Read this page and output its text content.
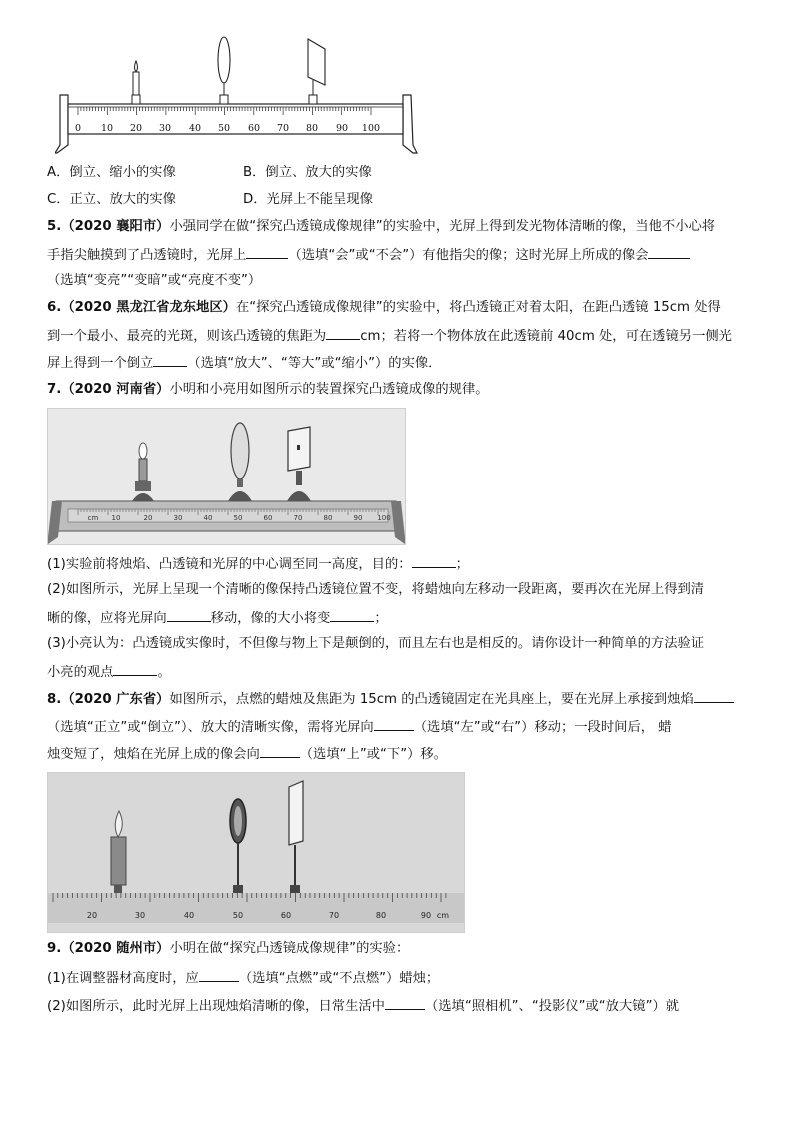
0 10 20 30 40 50 60 70 80 90 100
A．倒立、缩小的实像	B．倒立、放大的实像
C．正立、放大的实像	D．光屏上不能呈现像
5.（2020 襄阳市）小强同学在做“探究凸透镜成像规律”的实验中，光屏上得到发光物体清晰的像，当他不小心将
手指尖触摸到了凸透镜时，光屏上	（选填“会”或“不会”）有他指尖的像；这时光屏上所成的像会
（选填“变亮”“变暗”或“亮度不变”）
6.（2020 黑龙江省龙东地区）在“探究凸透镜成像规律”的实验中，将凸透镜正对着太阳，在距凸透镜 15cm 处得
到一个最小、最亮的光斑，则该凸透镜的焦距为	cm；若将一个物体放在此透镜前 40cm 处，可在透镜另一侧光
屏上得到一个倒立	（选填“放大”、“等大”或“缩小”）的实像．
7.（2020 河南省）小明和小亮用如图所示的装置探究凸透镜成像的规律。
cm 10	20	30	40	50	60	70	80	90 100
(1)实验前将烛焰、凸透镜和光屏的中心调至同一高度，目的：	；
(2)如图所示，光屏上呈现一个清晰的像保持凸透镜位置不变，将蜡烛向左移动一段距离，要再次在光屏上得到清
晰的像，应将光屏向	移动，像的大小将变	；
(3)小亮认为：凸透镜成实像时，不但像与物上下是颠倒的，而且左右也是相反的。请你设计一种简单的方法验证
小亮的观点	。
8.（2020 广东省）如图所示，点燃的蜡烛及焦距为 15cm 的凸透镜固定在光具座上，要在光屏上承接到烛焰
（选填“正立”或“倒立”）、放大的清晰实像，需将光屏向	（选填“左”或“右”）移动；一段时间后， 蜡
烛变短了，烛焰在光屏上成的像会向	（选填“上”或“下”）移。
20	30	40	50	60	70	80	90 cm
9.（2020 随州市）小明在做“探究凸透镜成像规律”的实验：
(1)在调整器材高度时，应	（选填“点燃”或“不点燃”）蜡烛；
(2)如图所示，此时光屏上出现烛焰清晰的像，日常生活中	（选填“照相机”、“投影仪”或“放大镜”）就
